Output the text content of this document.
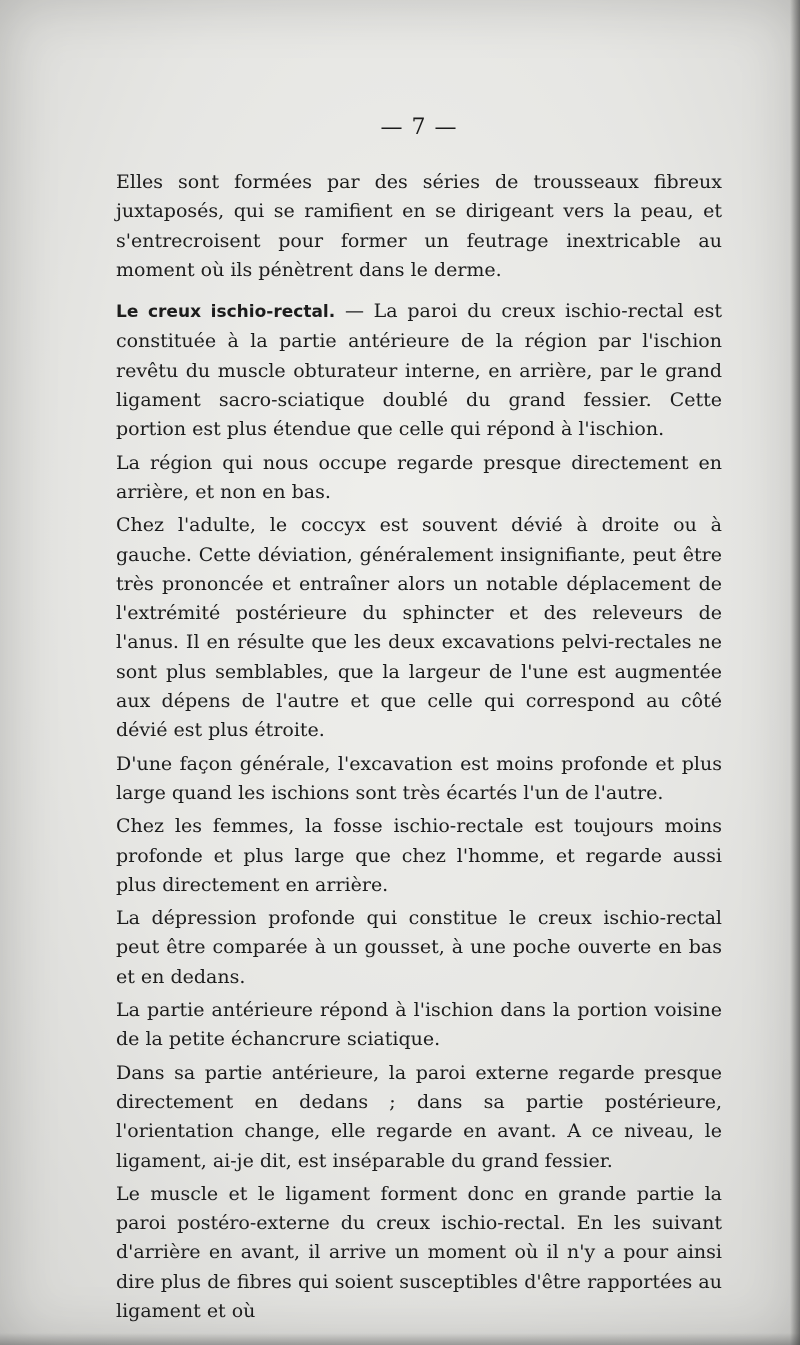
— 7 —

Elles sont formées par des séries de trousseaux fibreux juxtaposés, qui se ramifient en se dirigeant vers la peau, et s'entrecroisent pour former un feutrage inextricable au moment où ils pénètrent dans le derme.

Le creux ischio-rectal. — La paroi du creux ischio-rectal est constituée à la partie antérieure de la région par l'ischion revêtu du muscle obturateur interne, en arrière, par le grand ligament sacro-sciatique doublé du grand fessier. Cette portion est plus étendue que celle qui répond à l'ischion.

La région qui nous occupe regarde presque directement en arrière, et non en bas.

Chez l'adulte, le coccyx est souvent dévié à droite ou à gauche. Cette déviation, généralement insignifiante, peut être très prononcée et entraîner alors un notable déplacement de l'extrémité postérieure du sphincter et des releveurs de l'anus. Il en résulte que les deux excavations pelvi-rectales ne sont plus semblables, que la largeur de l'une est augmentée aux dépens de l'autre et que celle qui correspond au côté dévié est plus étroite.

D'une façon générale, l'excavation est moins profonde et plus large quand les ischions sont très écartés l'un de l'autre.

Chez les femmes, la fosse ischio-rectale est toujours moins profonde et plus large que chez l'homme, et regarde aussi plus directement en arrière.

La dépression profonde qui constitue le creux ischio-rectal peut être comparée à un gousset, à une poche ouverte en bas et en dedans.

La partie antérieure répond à l'ischion dans la portion voisine de la petite échancrure sciatique.

Dans sa partie antérieure, la paroi externe regarde presque directement en dedans ; dans sa partie postérieure, l'orientation change, elle regarde en avant. A ce niveau, le ligament, ai-je dit, est inséparable du grand fessier.

Le muscle et le ligament forment donc en grande partie la paroi postéro-externe du creux ischio-rectal. En les suivant d'arrière en avant, il arrive un moment où il n'y a pour ainsi dire plus de fibres qui soient susceptibles d'être rapportées au ligament et où
